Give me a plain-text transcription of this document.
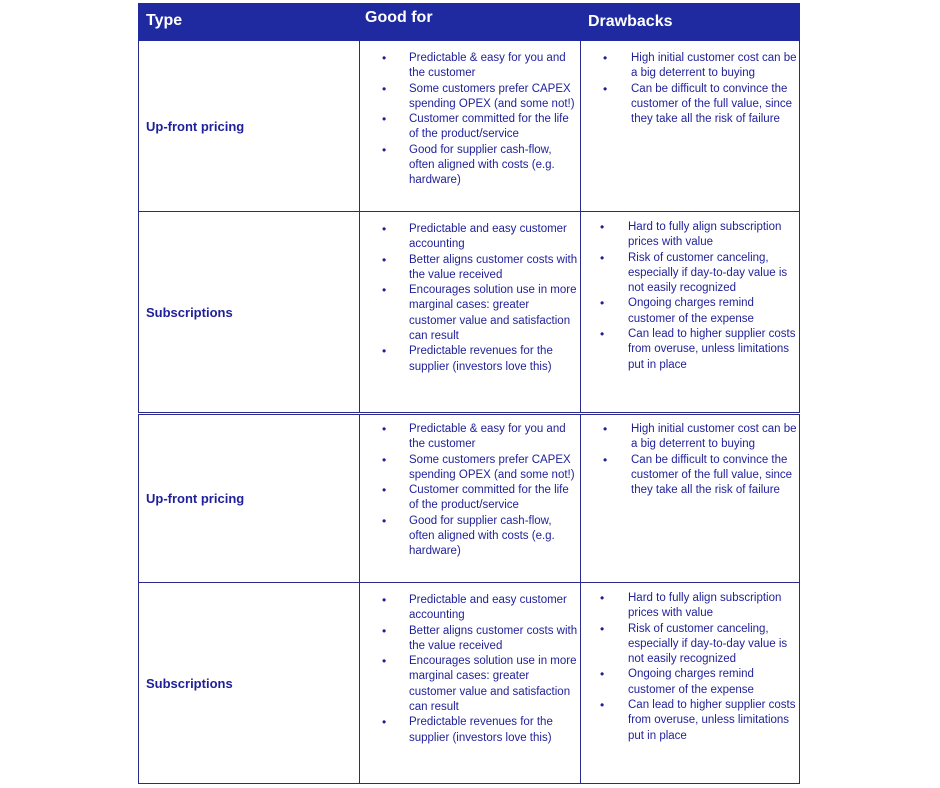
Type	Good for	Drawbacks
Up-front pricing
• Predictable & easy for you and the customer
• Some customers prefer CAPEX spending OPEX (and some not!)
• Customer committed for the life of the product/service
• Good for supplier cash-flow, often aligned with costs (e.g. hardware)
• High initial customer cost can be a big deterrent to buying
• Can be difficult to convince the customer of the full value, since they take all the risk of failure
Subscriptions
• Predictable and easy customer accounting
• Better aligns customer costs with the value received
• Encourages solution use in more marginal cases: greater customer value and satisfaction can result
• Predictable revenues for the supplier (investors love this)
• Hard to fully align subscription prices with value
• Risk of customer canceling, especially if day-to-day value is not easily recognized
• Ongoing charges remind customer of the expense
• Can lead to higher supplier costs from overuse, unless limitations put in place
Up-front pricing
• Predictable & easy for you and the customer
• Some customers prefer CAPEX spending OPEX (and some not!)
• Customer committed for the life of the product/service
• Good for supplier cash-flow, often aligned with costs (e.g. hardware)
• High initial customer cost can be a big deterrent to buying
• Can be difficult to convince the customer of the full value, since they take all the risk of failure
Subscriptions
• Predictable and easy customer accounting
• Better aligns customer costs with the value received
• Encourages solution use in more marginal cases: greater customer value and satisfaction can result
• Predictable revenues for the supplier (investors love this)
• Hard to fully align subscription prices with value
• Risk of customer canceling, especially if day-to-day value is not easily recognized
• Ongoing charges remind customer of the expense
• Can lead to higher supplier costs from overuse, unless limitations put in place
